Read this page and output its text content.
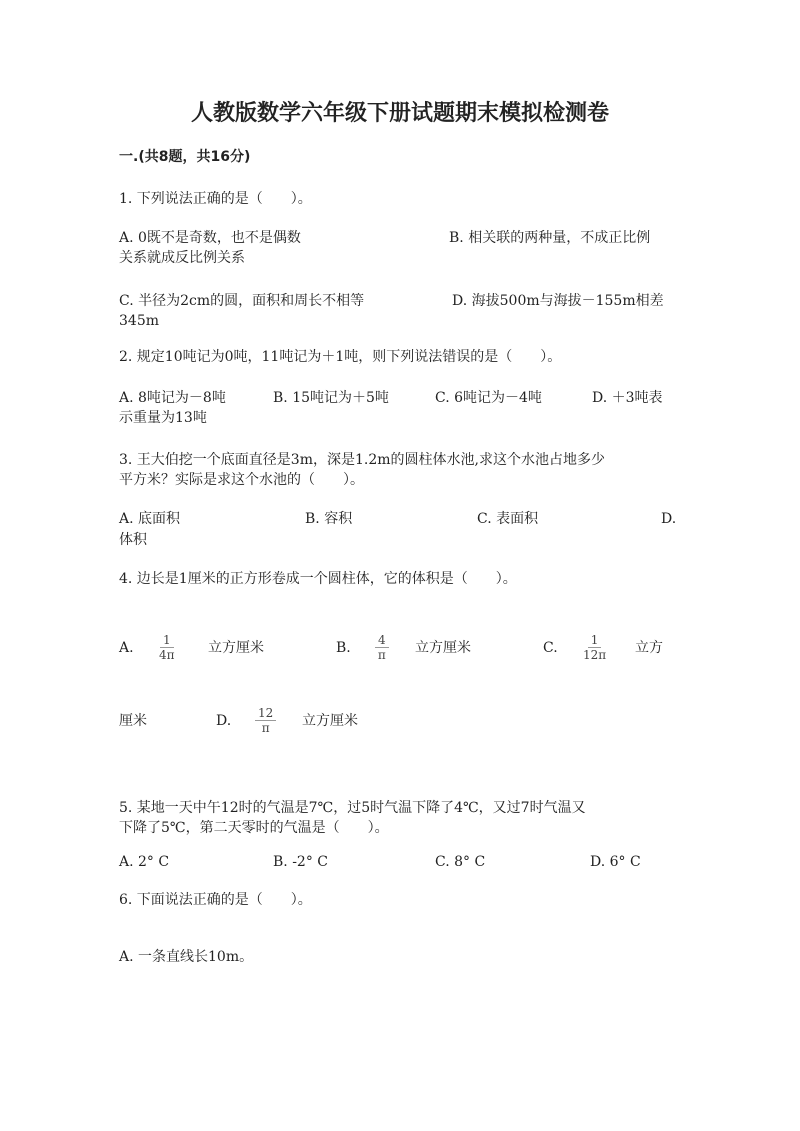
人教版数学六年级下册试题期末模拟检测卷
一.(共8题，共16分)
1. 下列说法正确的是（　　）。
A. 0既不是奇数，也不是偶数	B. 相关联的两种量，不成正比例
关系就成反比例关系
C. 半径为2cm的圆，面积和周长不相等	D. 海拔500m与海拔－155m相差
345m
2. 规定10吨记为0吨，11吨记为＋1吨，则下列说法错误的是（　　）。
A. 8吨记为－8吨	B. 15吨记为＋5吨	C. 6吨记为－4吨	D. ＋3吨表
示重量为13吨
3. 王大伯挖一个底面直径是3m，深是1.2m的圆柱体水池,求这个水池占地多少
平方米？实际是求这个水池的（　　）。
A. 底面积	B. 容积	C. 表面积	D.
体积
4. 边长是1厘米的正方形卷成一个圆柱体，它的体积是（　　）。
A. $\frac{1}{4\pi}$ 立方厘米	B. $\frac{4}{\pi}$ 立方厘米	C. $\frac{1}{12\pi}$ 立方
厘米	D. $\frac{12}{\pi}$ 立方厘米
5. 某地一天中午12时的气温是7℃，过5时气温下降了4℃，又过7时气温又
下降了5℃，第二天零时的气温是（　　）。
A. 2° C	B. -2° C	C. 8° C	D. 6° C
6. 下面说法正确的是（　　）。
A. 一条直线长10m。
